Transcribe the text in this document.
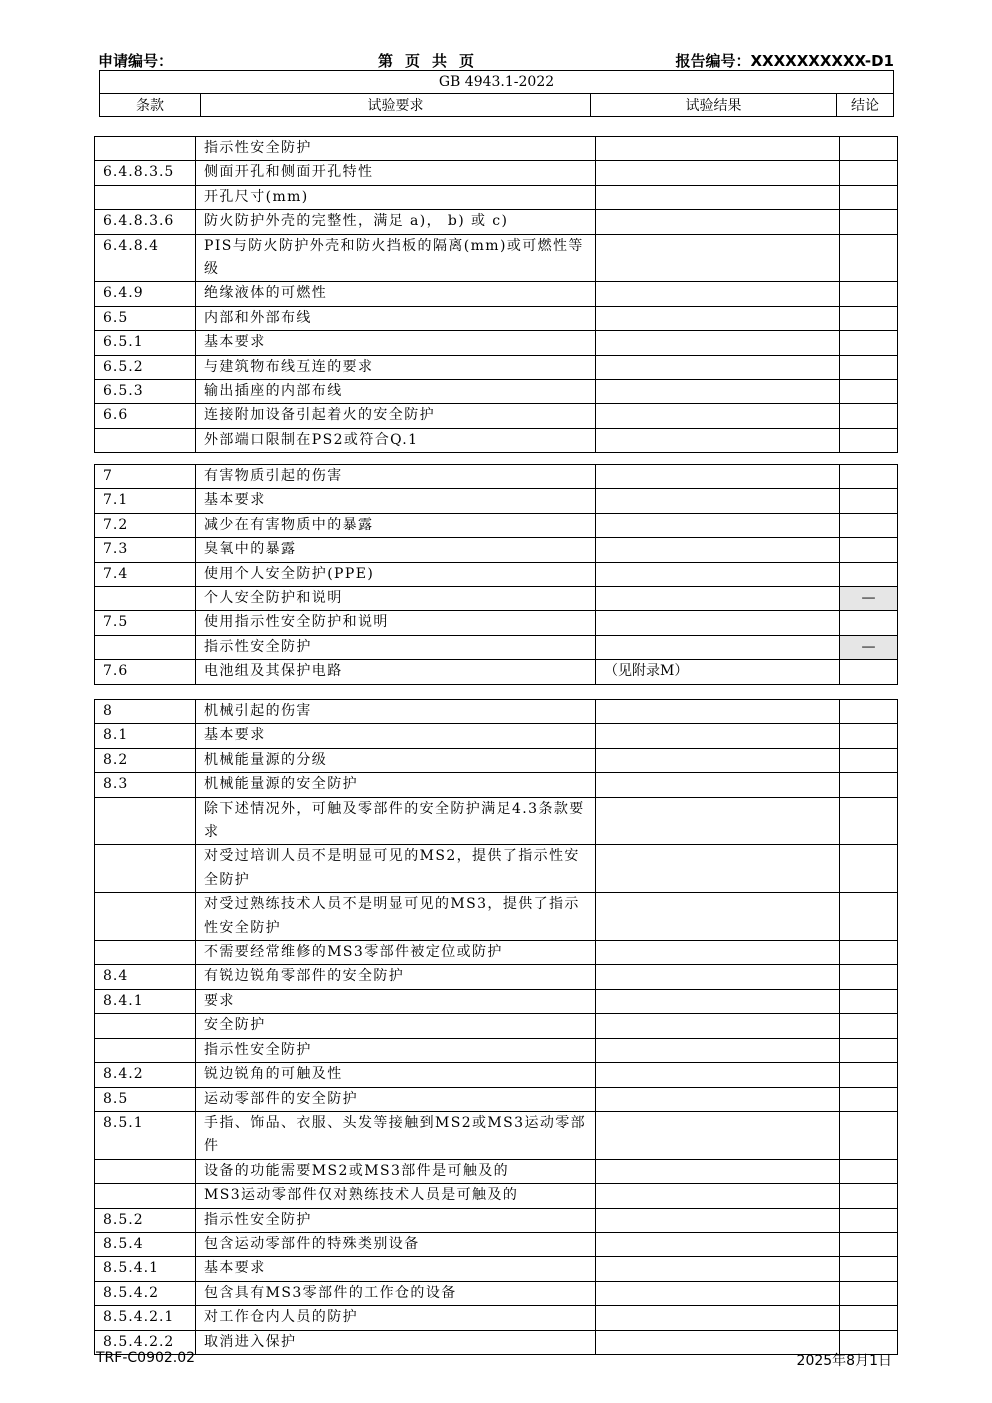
申请编号：	第页共页	报告编号：XXXXXXXXXX-D1
GB 4943.1-2022
条款	试验要求	试验结果	结论
	指示性安全防护		
6.4.8.3.5	侧面开孔和侧面开孔特性		
	开孔尺寸(mm)		
6.4.8.3.6	防火防护外壳的完整性，满足 a)， b) 或 c)		
6.4.8.4	PIS与防火防护外壳和防火挡板的隔离(mm)或可燃性等级		
6.4.9	绝缘液体的可燃性		
6.5	内部和外部布线		
6.5.1	基本要求		
6.5.2	与建筑物布线互连的要求		
6.5.3	输出插座的内部布线		
6.6	连接附加设备引起着火的安全防护		
	外部端口限制在PS2或符合Q.1		
7	有害物质引起的伤害		
7.1	基本要求		
7.2	减少在有害物质中的暴露		
7.3	臭氧中的暴露		
7.4	使用个人安全防护(PPE)		
	个人安全防护和说明		—
7.5	使用指示性安全防护和说明		
	指示性安全防护		—
7.6	电池组及其保护电路	（见附录M）	
8	机械引起的伤害		
8.1	基本要求		
8.2	机械能量源的分级		
8.3	机械能量源的安全防护		
	除下述情况外，可触及零部件的安全防护满足4.3条款要求		
	对受过培训人员不是明显可见的MS2，提供了指示性安全防护		
	对受过熟练技术人员不是明显可见的MS3，提供了指示性安全防护		
	不需要经常维修的MS3零部件被定位或防护		
8.4	有锐边锐角零部件的安全防护		
8.4.1	要求		
	安全防护		
	指示性安全防护		
8.4.2	锐边锐角的可触及性		
8.5	运动零部件的安全防护		
8.5.1	手指、饰品、衣服、头发等接触到MS2或MS3运动零部件		
	设备的功能需要MS2或MS3部件是可触及的		
	MS3运动零部件仅对熟练技术人员是可触及的		
8.5.2	指示性安全防护		
8.5.4	包含运动零部件的特殊类别设备		
8.5.4.1	基本要求		
8.5.4.2	包含具有MS3零部件的工作仓的设备		
8.5.4.2.1	对工作仓内人员的防护		
8.5.4.2.2	取消进入保护		
TRF-C0902.02	2025年8月1日
